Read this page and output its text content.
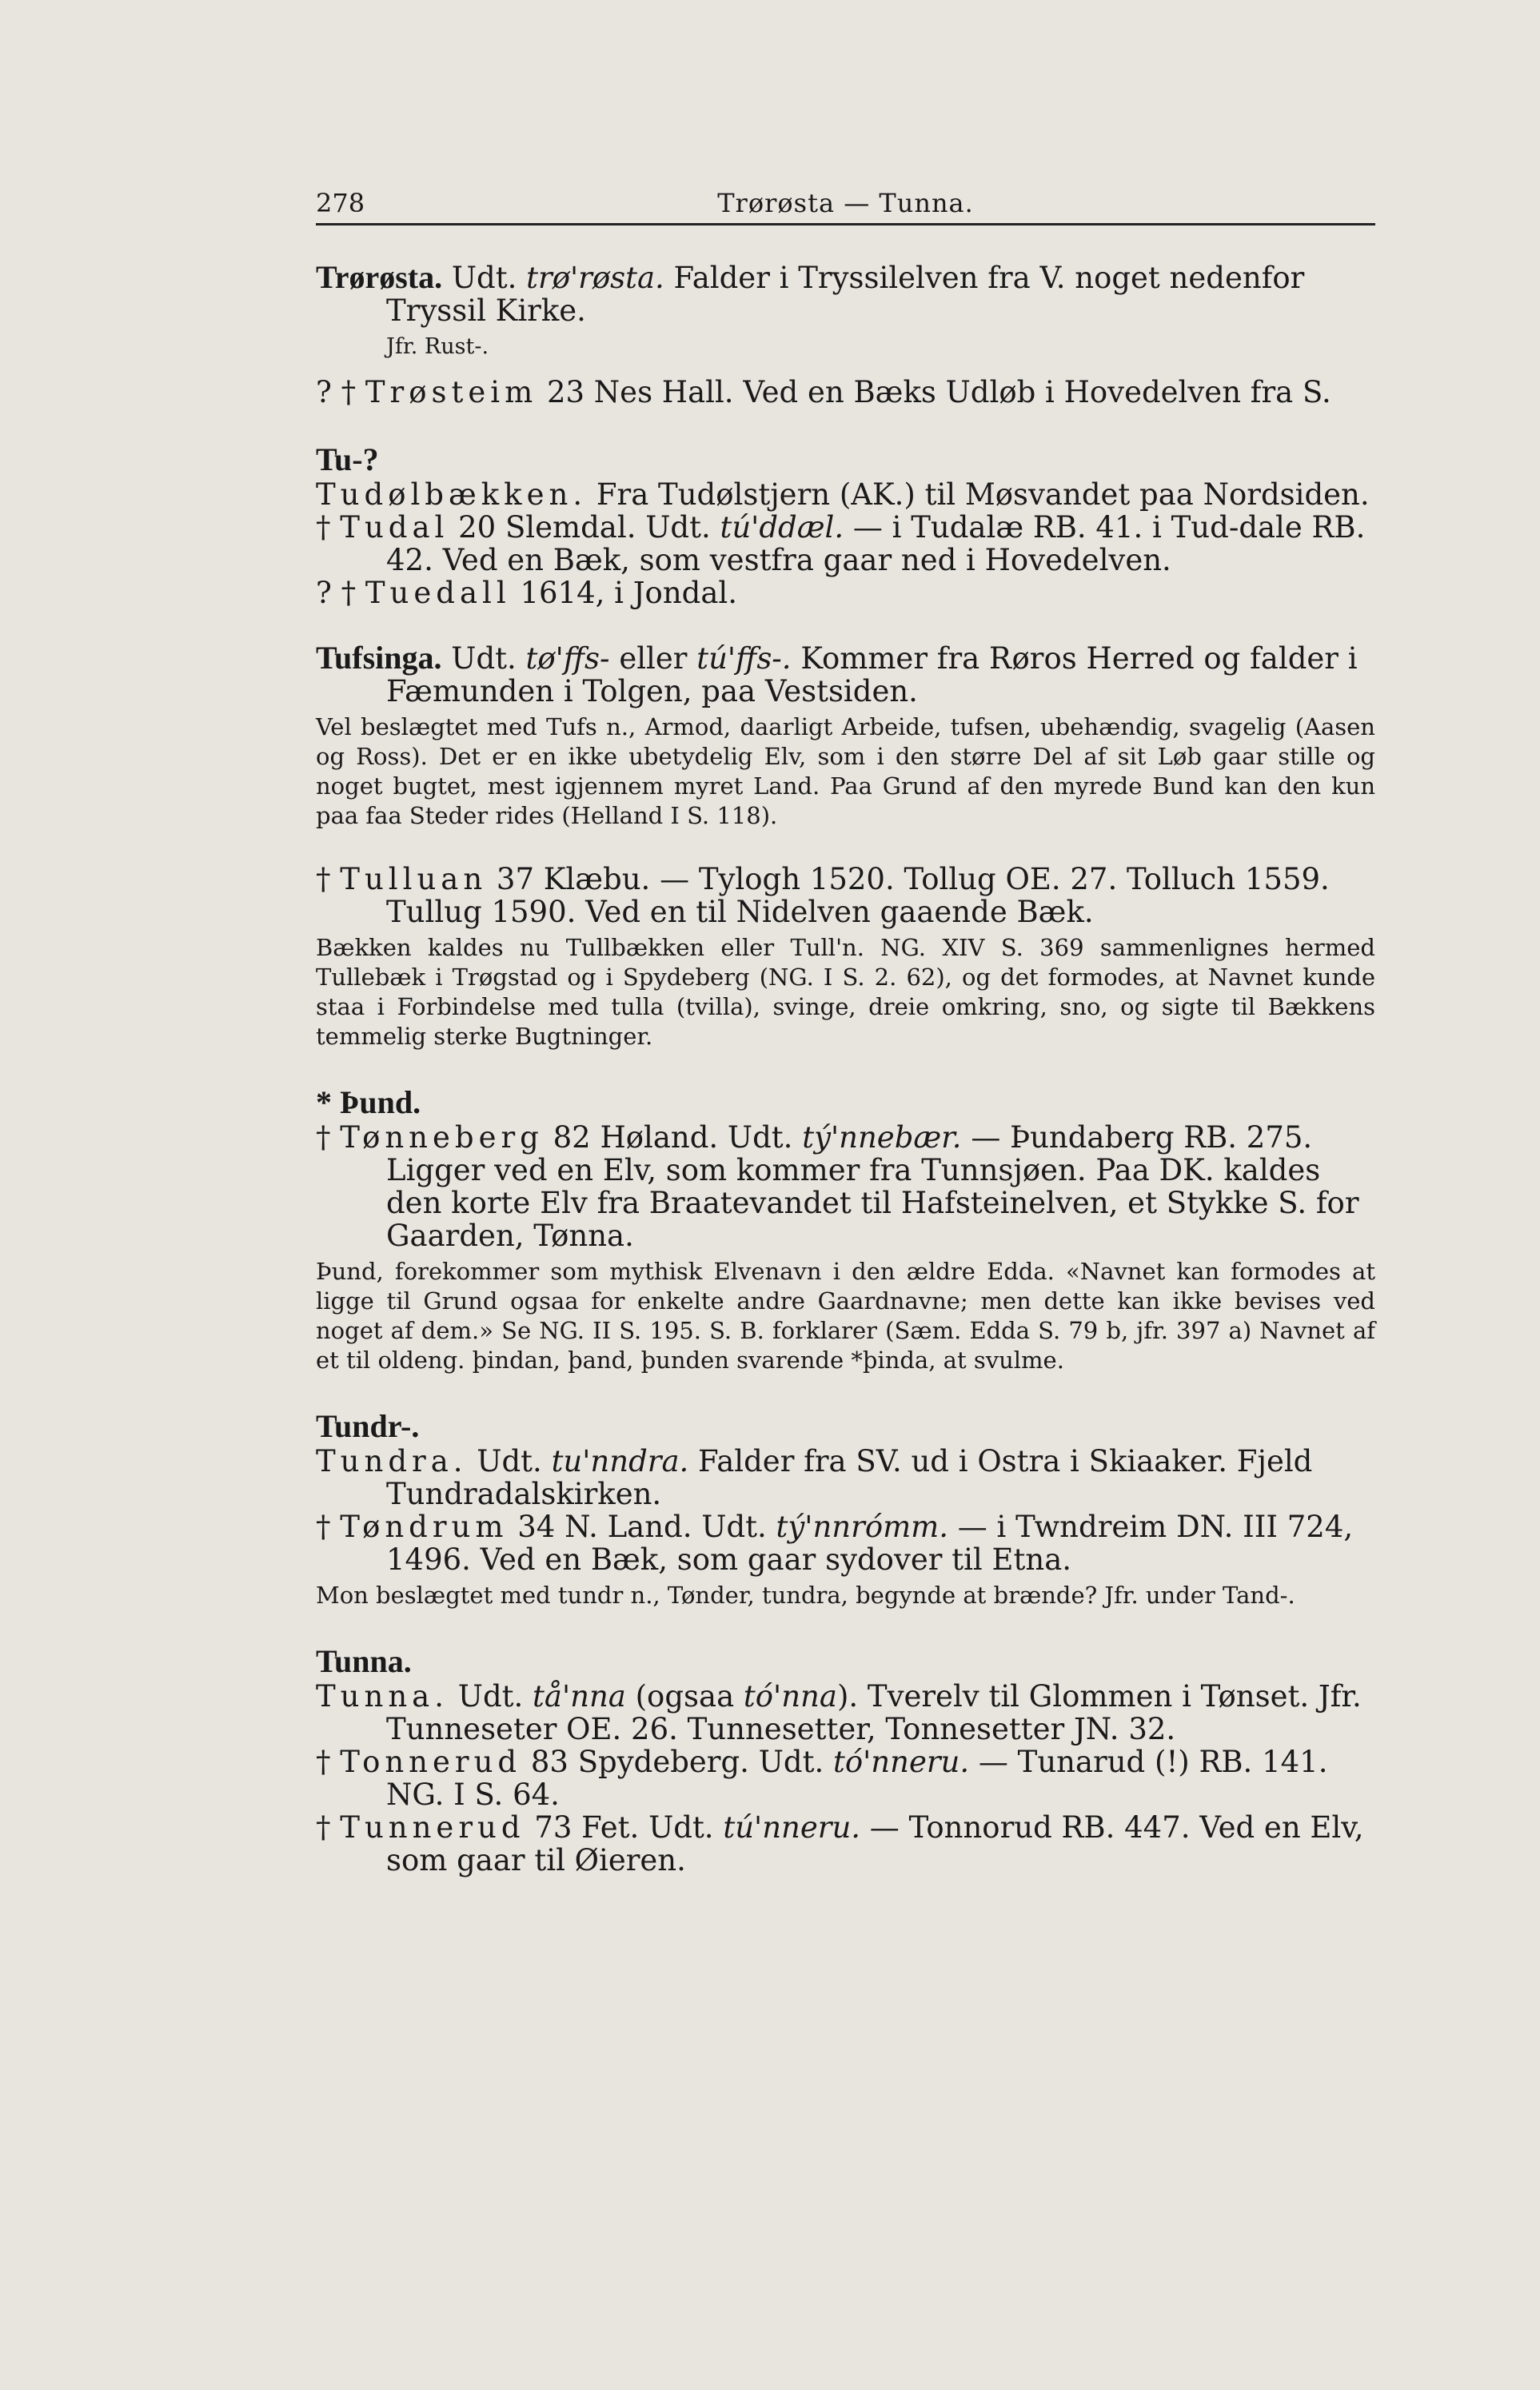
278	Trørøsta — Tunna.
Trørøsta. Udt. trø'røsta. Falder i Tryssilelven fra V. noget nedenfor Tryssil Kirke.
Jfr. Rust-.
? † Trøsteim 23 Nes Hall. Ved en Bæks Udløb i Hovedelven fra S.
Tu-?
Tudølbækken. Fra Tudølstjern (AK.) til Møsvandet paa Nordsiden.
† Tudal 20 Slemdal. Udt. tú'ddæl. — i Tudalæ RB. 41. i Tud-dale RB. 42. Ved en Bæk, som vestfra gaar ned i Hovedelven.
? † Tuedall 1614, i Jondal.
Tufsinga. Udt. tø'ffs- eller tú'ffs-. Kommer fra Røros Herred og falder i Fæmunden i Tolgen, paa Vestsiden.
Vel beslægtet med Tufs n., Armod, daarligt Arbeide, tufsen, ubehændig, svagelig (Aasen og Ross). Det er en ikke ubetydelig Elv, som i den større Del af sit Løb gaar stille og noget bugtet, mest igjennem myret Land. Paa Grund af den myrede Bund kan den kun paa faa Steder rides (Helland I S. 118).
† Tulluan 37 Klæbu. — Tylogh 1520. Tollug OE. 27. Tolluch 1559. Tullug 1590. Ved en til Nidelven gaaende Bæk.
Bækken kaldes nu Tullbækken eller Tull'n. NG. XIV S. 369 sammenlignes hermed Tullebæk i Trøgstad og i Spydeberg (NG. I S. 2. 62), og det formodes, at Navnet kunde staa i Forbindelse med tulla (tvilla), svinge, dreie omkring, sno, og sigte til Bækkens temmelig sterke Bugtninger.
* Þund.
† Tønneberg 82 Høland. Udt. tý'nnebær. — Þundaberg RB. 275. Ligger ved en Elv, som kommer fra Tunnsjøen. Paa DK. kaldes den korte Elv fra Braatevandet til Hafsteinelven, et Stykke S. for Gaarden, Tønna.
Þund, forekommer som mythisk Elvenavn i den ældre Edda. «Navnet kan formodes at ligge til Grund ogsaa for enkelte andre Gaardnavne; men dette kan ikke bevises ved noget af dem.» Se NG. II S. 195. S. B. forklarer (Sæm. Edda S. 79 b, jfr. 397 a) Navnet af et til oldeng. þindan, þand, þunden svarende *þinda, at svulme.
Tundr-.
Tundra. Udt. tu'nndra. Falder fra SV. ud i Ostra i Skiaaker. Fjeld Tundradalskirken.
† Tøndrum 34 N. Land. Udt. tý'nnrómm. — i Twndreim DN. III 724, 1496. Ved en Bæk, som gaar sydover til Etna.
Mon beslægtet med tundr n., Tønder, tundra, begynde at brænde? Jfr. under Tand-.
Tunna.
Tunna. Udt. tå'nna (ogsaa tó'nna). Tverelv til Glommen i Tønset. Jfr. Tunneseter OE. 26. Tunnesetter, Tonnesetter JN. 32.
† Tonnerud 83 Spydeberg. Udt. tó'nneru. — Tunarud (!) RB. 141. NG. I S. 64.
† Tunnerud 73 Fet. Udt. tú'nneru. — Tonnorud RB. 447. Ved en Elv, som gaar til Øieren.
